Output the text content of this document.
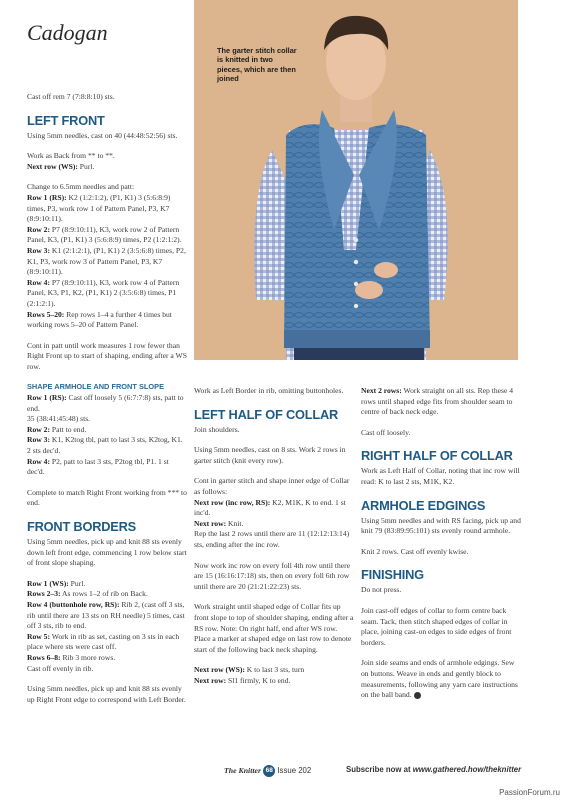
Cadogan
The garter stitch collar is knitted in two pieces, which are then joined

Cast off rem 7 (7:8:8:10) sts.

LEFT FRONT

Using 5mm needles, cast on 40 (44:48:52:56) sts.

Work as Back from ** to **.

Next row (WS): Purl.

Change to 6.5mm needles and patt:

Row 1 (RS): K2 (1:2:1:2), (P1, K1) 3 (5:6:8:9) times, P3, work row 1 of Pattern Panel, P3, K7 (8:9:10:11).

Row 2: P7 (8:9:10:11), K3, work row 2 of Pattern Panel, K3, (P1, K1) 3 (5:6:8:9) times, P2 (1:2:1:2).

Row 3: K1 (2:1:2:1), (P1, K1) 2 (3:5:6:8) times, P2, K1, P3, work row 3 of Pattern Panel, P3, K7 (8:9:10:11).

Row 4: P7 (8:9:10:11), K3, work row 4 of Pattern Panel, K3, P1, K2, (P1, K1) 2 (3:5:6:8) times, P1 (2:1:2:1).

Rows 5–20: Rep rows 1–4 a further 4 times but working rows 5–20 of Pattern Panel.

Cont in patt until work measures 1 row fewer than Right Front up to start of shaping, ending after a WS row.

SHAPE ARMHOLE AND FRONT SLOPE

Row 1 (RS): Cast off loosely 5 (6:7:7:8) sts, patt to end.

35 (38:41:45:48) sts.

Row 2: Patt to end.

Row 3: K1, K2tog tbl, patt to last 3 sts, K2tog, K1. 2 sts dec'd.

Row 4: P2, patt to last 3 sts, P2tog tbl, P1. 1 st dec'd.

Complete to match Right Front working from *** to end.

FRONT BORDERS

Using 5mm needles, pick up and knit 88 sts evenly down left front edge, commencing 1 row below start of front slope shaping.

Row 1 (WS): Purl.

Rows 2–3: As rows 1–2 of rib on Back.

Row 4 (buttonhole row, RS): Rib 2, (cast off 3 sts, rib until there are 13 sts on RH needle) 5 times, cast off 3 sts, rib to end.

Row 5: Work in rib as set, casting on 3 sts in each place where sts were cast off.

Rows 6–8: Rib 3 more rows.

Cast off evenly in rib.

Using 5mm needles, pick up and knit 88 sts evenly up Right Front edge to correspond with Left Border.

Work as Left Border in rib, omitting buttonholes.

LEFT HALF OF COLLAR

Join shoulders.

Using 5mm needles, cast on 8 sts. Work 2 rows in garter stitch (knit every row).

Cont in garter stitch and shape inner edge of Collar as follows:

Next row (inc row, RS): K2, M1K, K to end. 1 st inc'd.

Next row: Knit.

Rep the last 2 rows until there are 11 (12:12:13:14) sts, ending after the inc row.

Now work inc row on every foll 4th row until there are 15 (16:16:17:18) sts, then on every foll 6th row until there are 20 (21:21:22:23) sts.

Work straight until shaped edge of Collar fits up front slope to top of shoulder shaping, ending after a RS row. Note: On right half, end after WS row. Place a marker at shaped edge on last row to denote start of the following back neck shaping.

Next row (WS): K to last 3 sts, turn

Next row: Sl1 firmly, K to end.

Next 2 rows: Work straight on all sts. Rep these 4 rows until shaped edge fits from shoulder seam to centre of back neck edge.

Cast off loosely.

RIGHT HALF OF COLLAR

Work as Left Half of Collar, noting that inc row will read: K to last 2 sts, M1K, K2.

ARMHOLE EDGINGS

Using 5mm needles and with RS facing, pick up and knit 79 (83:89:95:101) sts evenly round armhole.

Knit 2 rows. Cast off evenly kwise.

FINISHING

Do not press.

Join cast-off edges of collar to form centre back seam. Tack, then stitch shaped edges of collar in place, joining cast-on edges to side edges of front borders.

Join side seams and ends of armhole edgings. Sew on buttons. Weave in ends and gently block to measurements, following any yarn care instructions on the ball band.

The Knitter 68 Issue 202	Subscribe now at www.gathered.how/theknitter
PassionForum.ru
